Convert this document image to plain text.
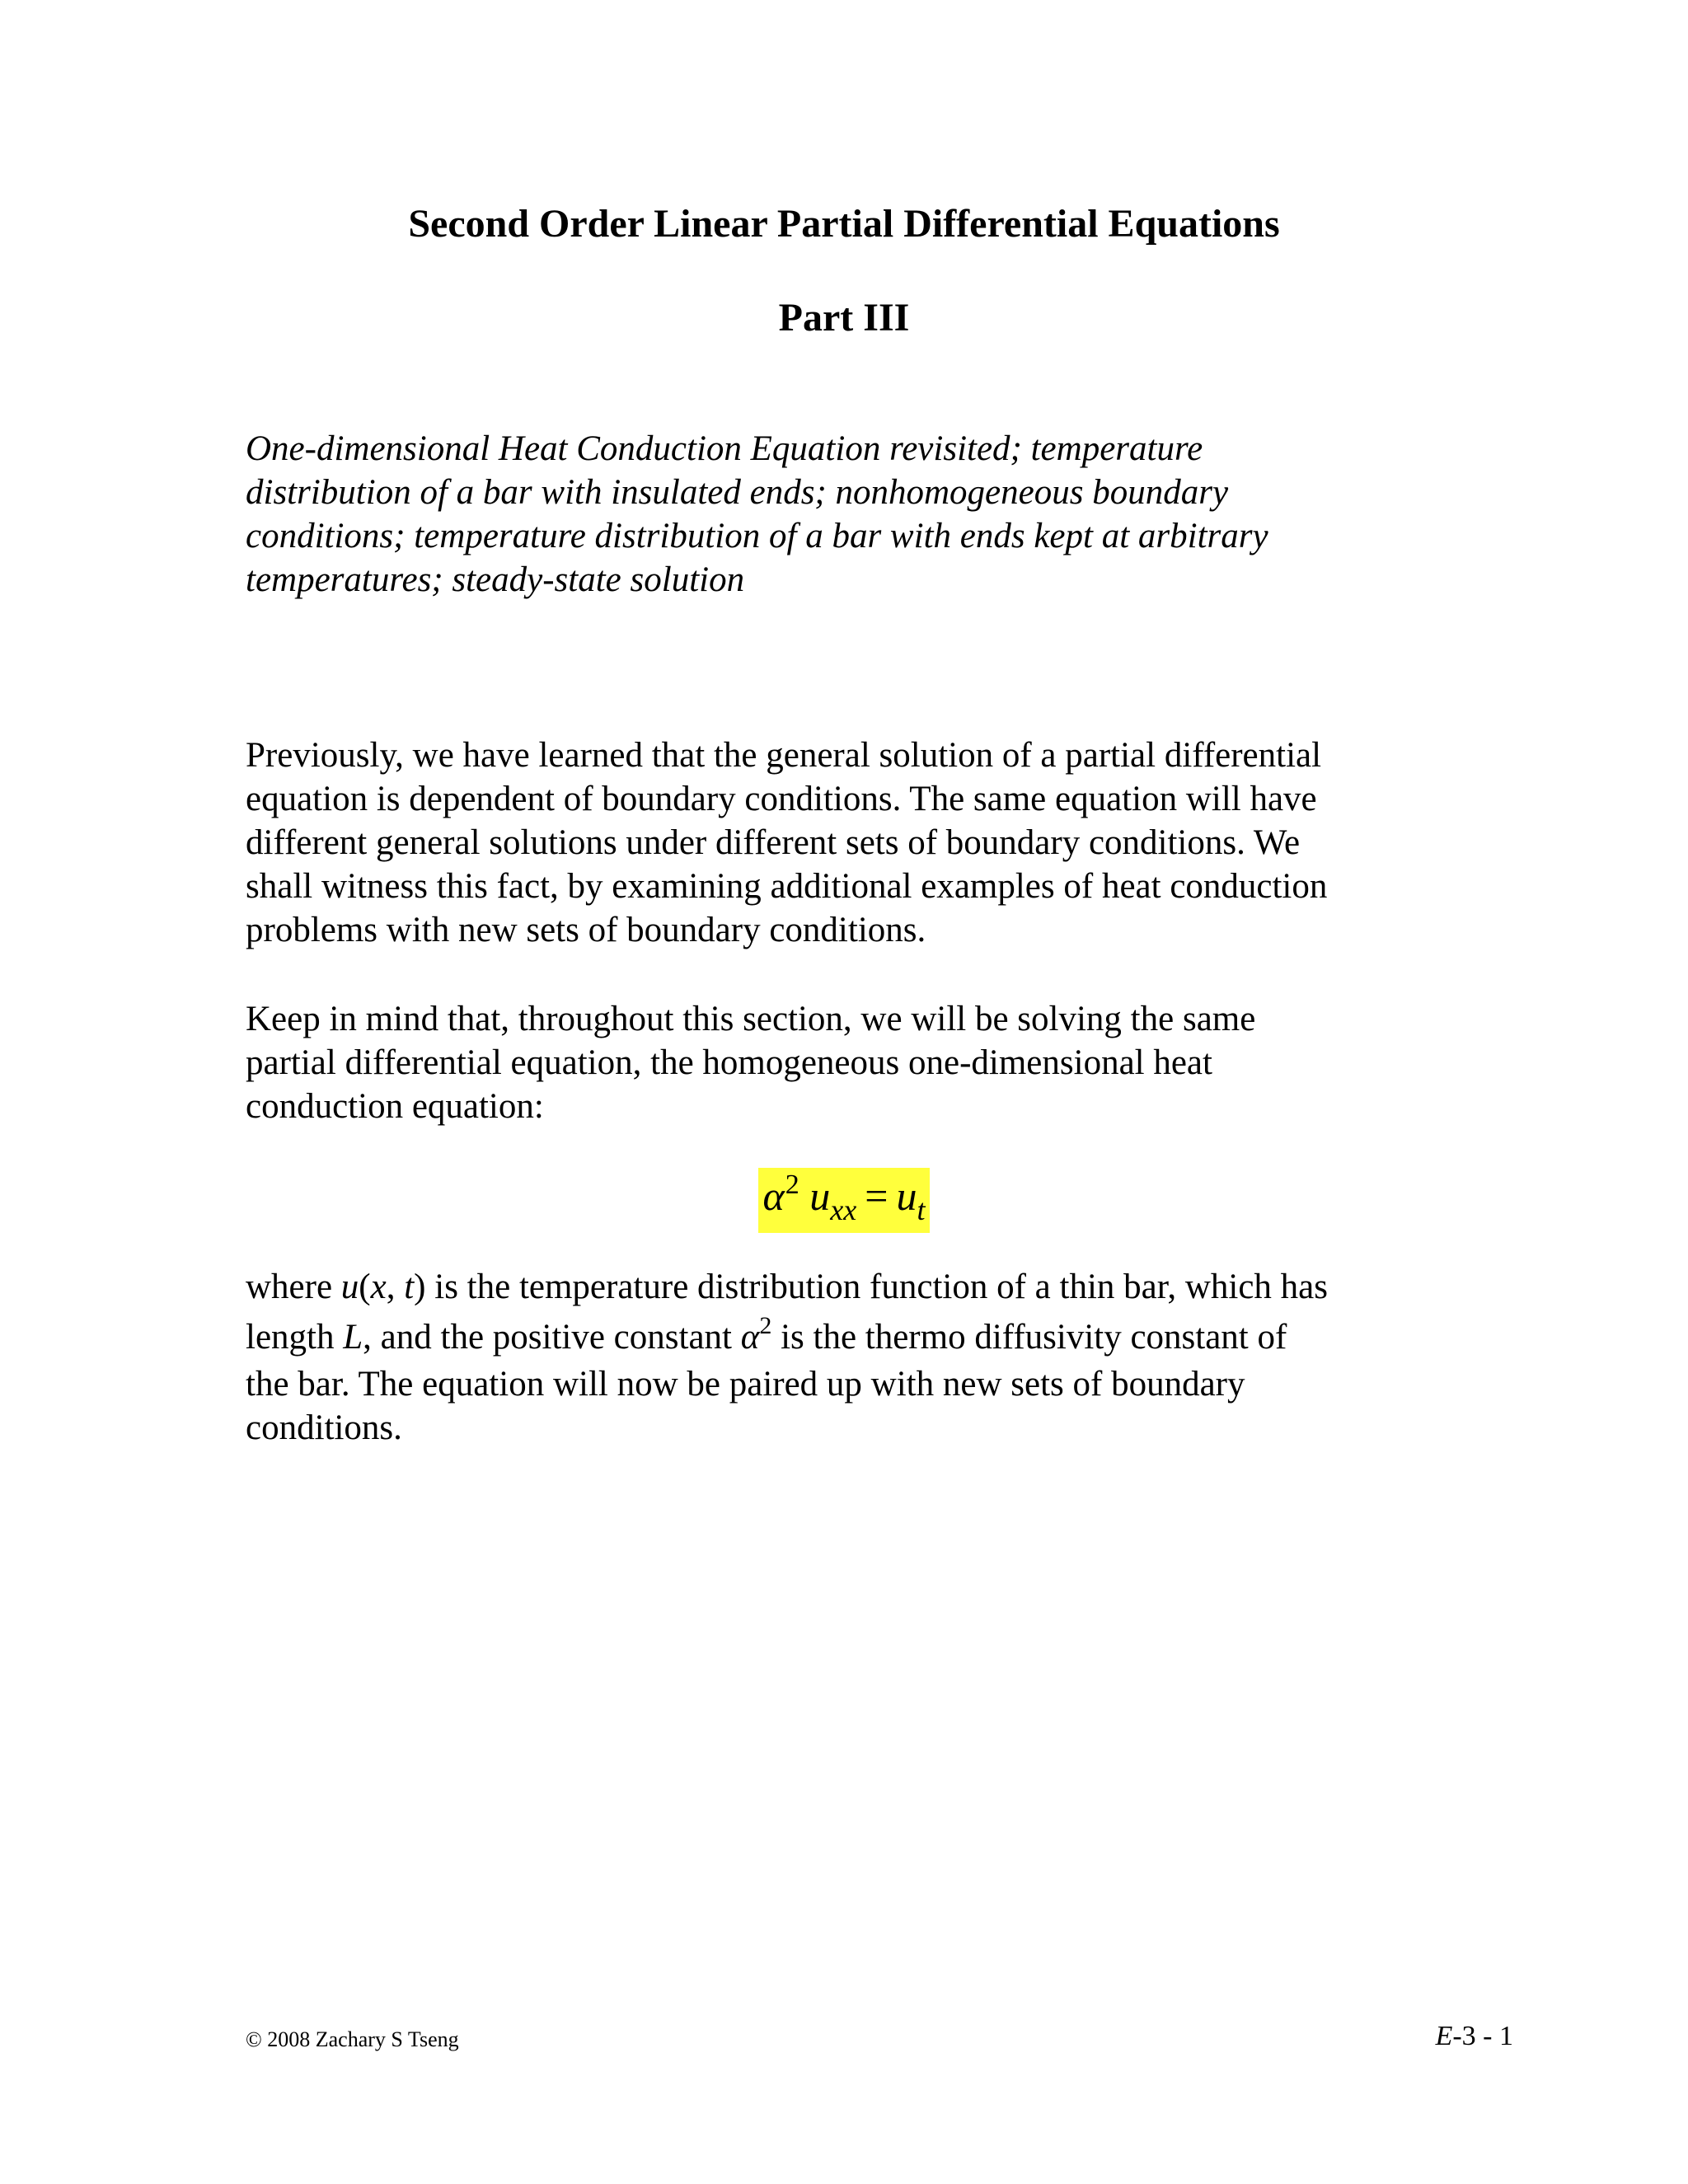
Second Order Linear Partial Differential Equations
Part III
One-dimensional Heat Conduction Equation revisited; temperature
distribution of a bar with insulated ends; nonhomogeneous boundary
conditions; temperature distribution of a bar with ends kept at arbitrary
temperatures; steady-state solution
Previously, we have learned that the general solution of a partial differential
equation is dependent of boundary conditions. The same equation will have
different general solutions under different sets of boundary conditions. We
shall witness this fact, by examining additional examples of heat conduction
problems with new sets of boundary conditions.
Keep in mind that, throughout this section, we will be solving the same
partial differential equation, the homogeneous one-dimensional heat
conduction equation:
$\alpha^2$ $u_{xx} = u_t$
where u(x, t) is the temperature distribution function of a thin bar, which has
length L, and the positive constant $\alpha^2$ is the thermo diffusivity constant of
the bar. The equation will now be paired up with new sets of boundary
conditions.
© 2008 Zachary S Tseng	E-3 - 1
